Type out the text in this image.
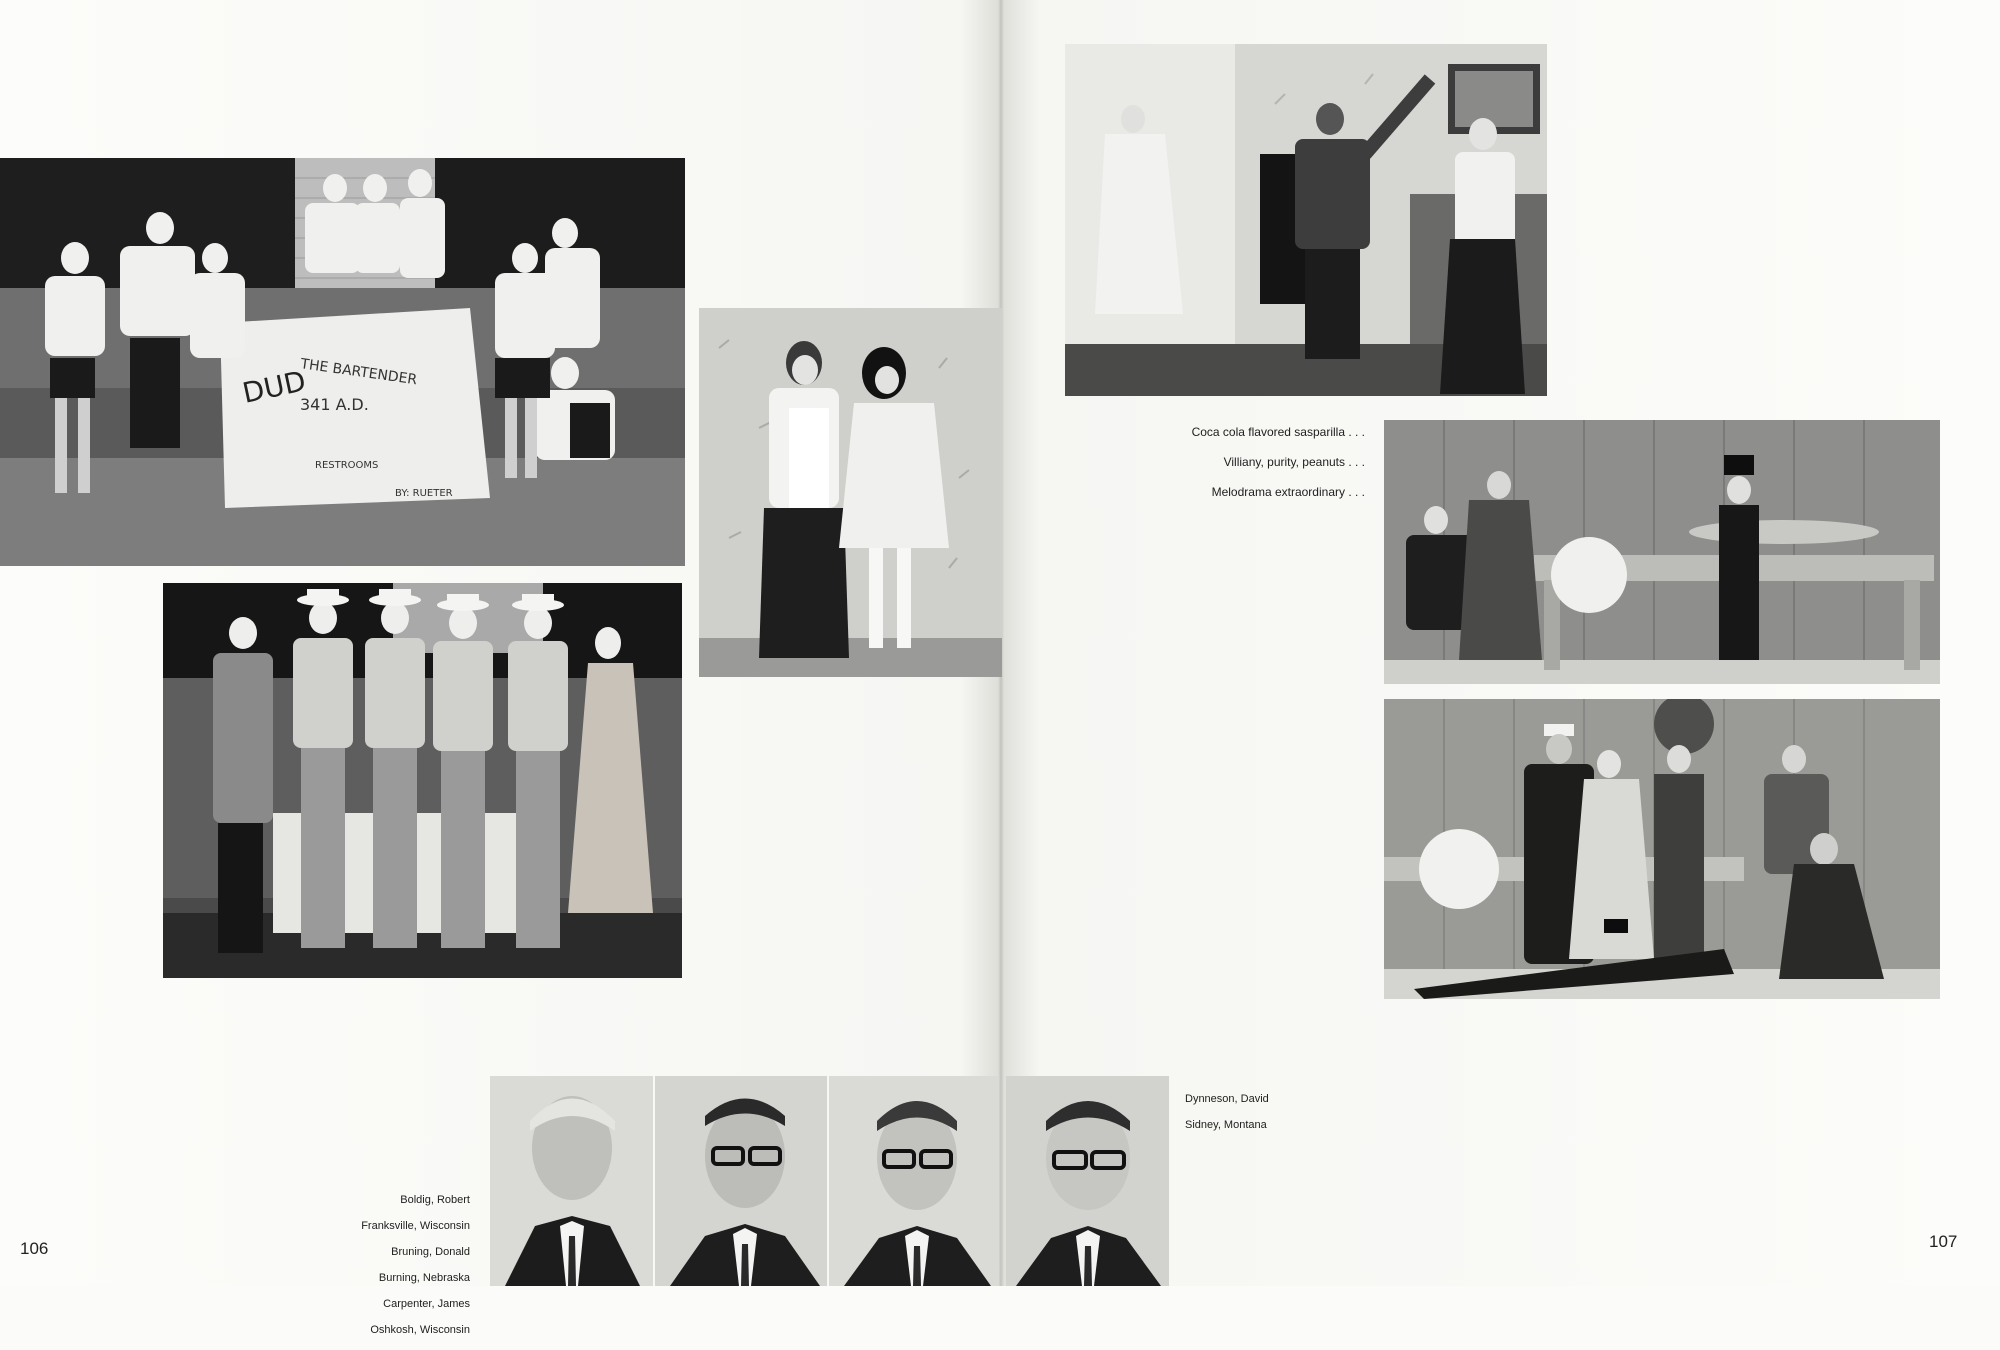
DUD
THE BARTENDER
341 A.D.
RESTROOMS
BY: RUETER

Coca cola flavored sasparilla . . .

Villiany, purity, peanuts . . .

Melodrama extraordinary . . .

Boldig, Robert

Franksville, Wisconsin

Bruning, Donald

Burning, Nebraska

Carpenter, James

Oshkosh, Wisconsin

Dynneson, David

Sidney, Montana

106	107
